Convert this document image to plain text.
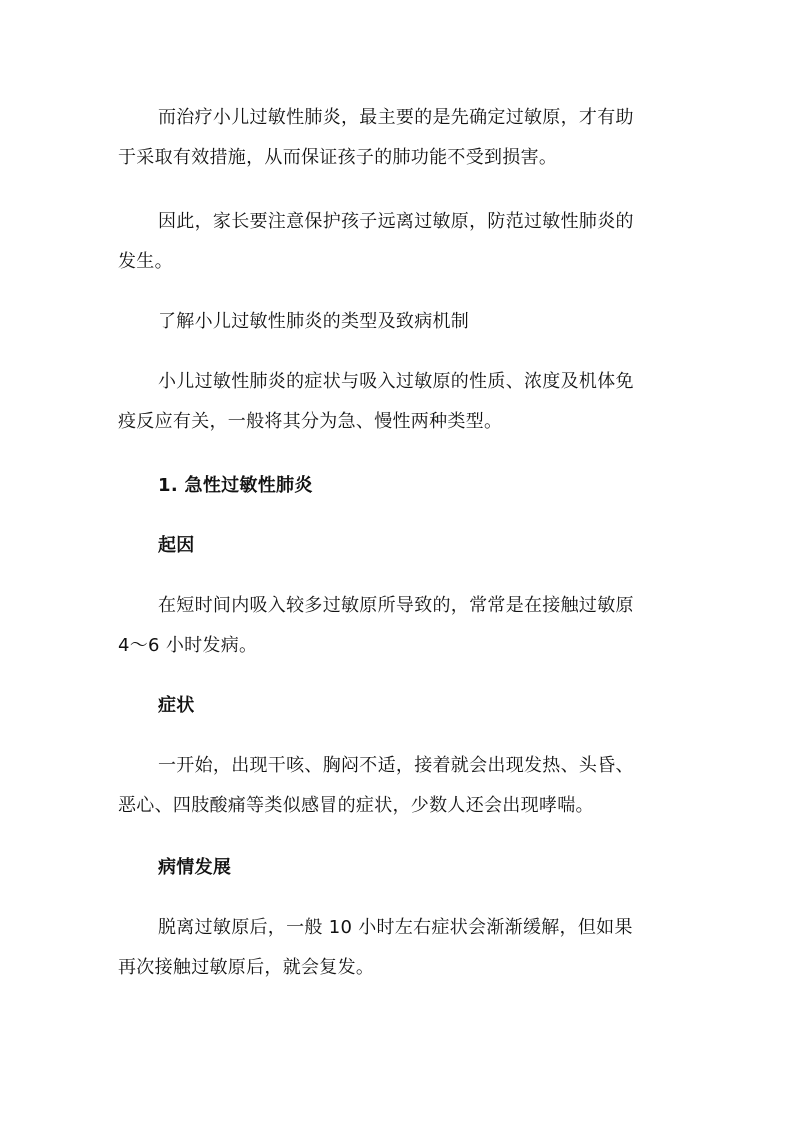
而治疗小儿过敏性肺炎，最主要的是先确定过敏原，才有助
于采取有效措施，从而保证孩子的肺功能不受到损害。
因此，家长要注意保护孩子远离过敏原，防范过敏性肺炎的
发生。
了解小儿过敏性肺炎的类型及致病机制
小儿过敏性肺炎的症状与吸入过敏原的性质、浓度及机体免
疫反应有关，一般将其分为急、慢性两种类型。
1. 急性过敏性肺炎
起因
在短时间内吸入较多过敏原所导致的，常常是在接触过敏原
4～6 小时发病。
症状
一开始，出现干咳、胸闷不适，接着就会出现发热、头昏、
恶心、四肢酸痛等类似感冒的症状，少数人还会出现哮喘。
病情发展
脱离过敏原后，一般 10 小时左右症状会渐渐缓解，但如果
再次接触过敏原后，就会复发。
